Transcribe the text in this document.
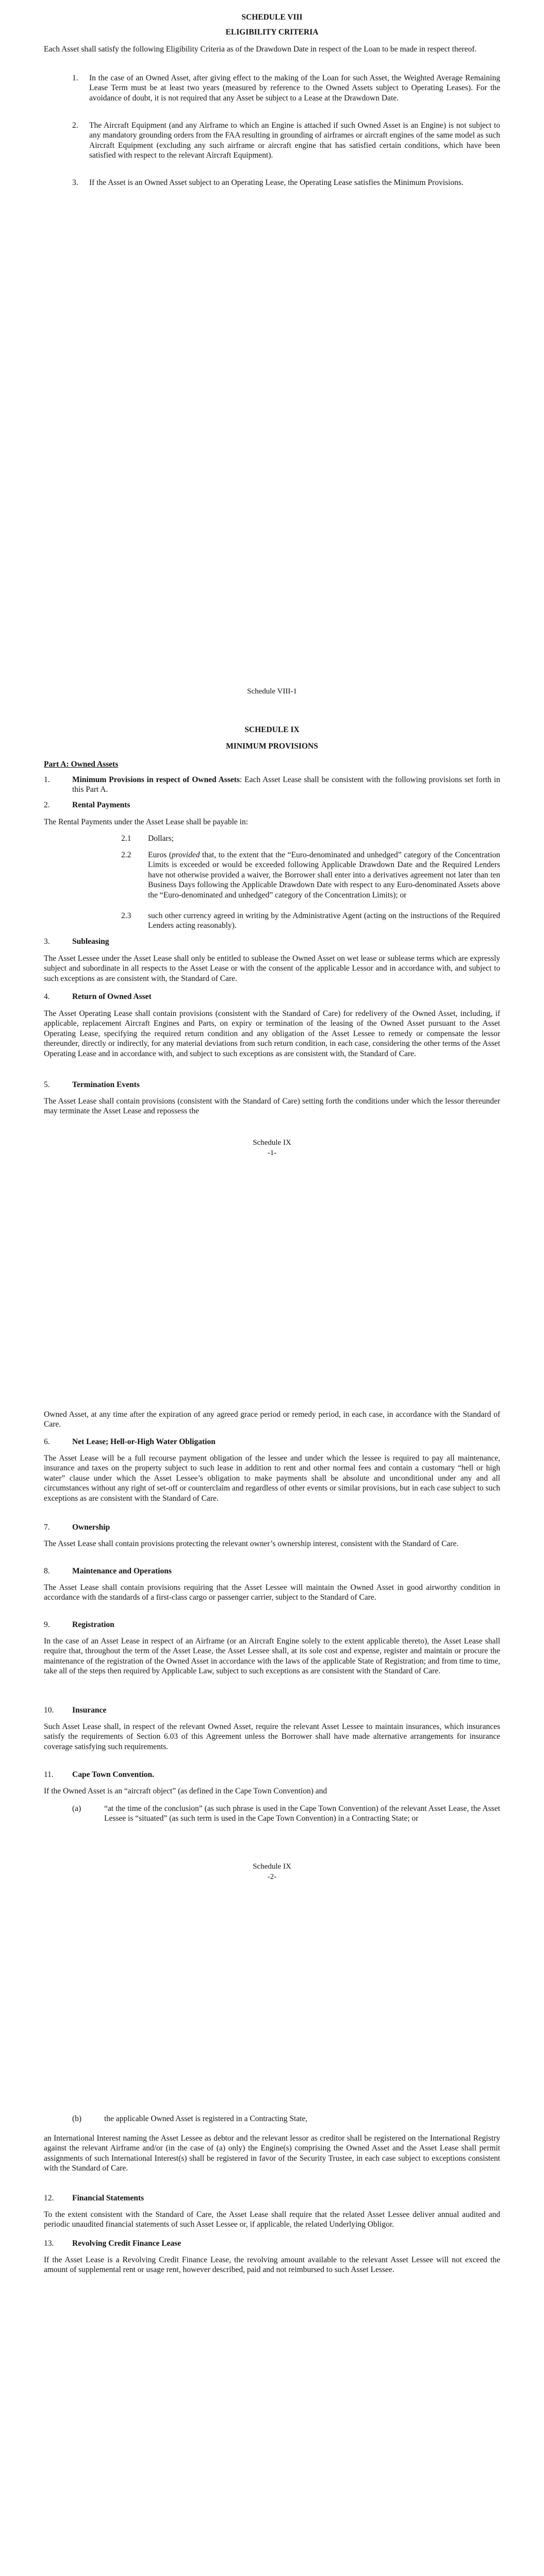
SCHEDULE VIII

ELIGIBILITY CRITERIA

Each Asset shall satisfy the following Eligibility Criteria as of the Drawdown Date in respect of the Loan to be made in respect thereof.

1. In the case of an Owned Asset, after giving effect to the making of the Loan for such Asset, the Weighted Average Remaining Lease Term must be at least two years (measured by reference to the Owned Assets subject to Operating Leases). For the avoidance of doubt, it is not required that any Asset be subject to a Lease at the Drawdown Date.

2. The Aircraft Equipment (and any Airframe to which an Engine is attached if such Owned Asset is an Engine) is not subject to any mandatory grounding orders from the FAA resulting in grounding of airframes or aircraft engines of the same model as such Aircraft Equipment (excluding any such airframe or aircraft engine that has satisfied certain conditions, which have been satisfied with respect to the relevant Aircraft Equipment).

3. If the Asset is an Owned Asset subject to an Operating Lease, the Operating Lease satisfies the Minimum Provisions.

Schedule VIII-1

SCHEDULE IX

MINIMUM PROVISIONS

Part A: Owned Assets

1.	Minimum Provisions in respect of Owned Assets: Each Asset Lease shall be consistent with the following provisions set forth in this Part A.

2.	Rental Payments

The Rental Payments under the Asset Lease shall be payable in:

2.1 Dollars;

2.2 Euros (provided that, to the extent that the “Euro-denominated and unhedged” category of the Concentration Limits is exceeded or would be exceeded following Applicable Drawdown Date and the Required Lenders have not otherwise provided a waiver, the Borrower shall enter into a derivatives agreement not later than ten Business Days following the Applicable Drawdown Date with respect to any Euro-denominated Assets above the “Euro-denominated and unhedged” category of the Concentration Limits); or

2.3 such other currency agreed in writing by the Administrative Agent (acting on the instructions of the Required Lenders acting reasonably).

3.	Subleasing

The Asset Lessee under the Asset Lease shall only be entitled to sublease the Owned Asset on wet lease or sublease terms which are expressly subject and subordinate in all respects to the Asset Lease or with the consent of the applicable Lessor and in accordance with, and subject to such exceptions as are consistent with, the Standard of Care.

4.	Return of Owned Asset

The Asset Operating Lease shall contain provisions (consistent with the Standard of Care) for redelivery of the Owned Asset, including, if applicable, replacement Aircraft Engines and Parts, on expiry or termination of the leasing of the Owned Asset pursuant to the Asset Operating Lease, specifying the required return condition and any obligation of the Asset Lessee to remedy or compensate the lessor thereunder, directly or indirectly, for any material deviations from such return condition, in each case, considering the other terms of the Asset Operating Lease and in accordance with, and subject to such exceptions as are consistent with, the Standard of Care.

5.	Termination Events

The Asset Lease shall contain provisions (consistent with the Standard of Care) setting forth the conditions under which the lessor thereunder may terminate the Asset Lease and repossess the

Schedule IX

-1-

Owned Asset, at any time after the expiration of any agreed grace period or remedy period, in each case, in accordance with the Standard of Care.

6.	Net Lease; Hell-or-High Water Obligation

The Asset Lease will be a full recourse payment obligation of the lessee and under which the lessee is required to pay all maintenance, insurance and taxes on the property subject to such lease in addition to rent and other normal fees and contain a customary “hell or high water” clause under which the Asset Lessee’s obligation to make payments shall be absolute and unconditional under any and all circumstances without any right of set-off or counterclaim and regardless of other events or similar provisions, but in each case subject to such exceptions as are consistent with the Standard of Care.

7.	Ownership

The Asset Lease shall contain provisions protecting the relevant owner’s ownership interest, consistent with the Standard of Care.

8.	Maintenance and Operations

The Asset Lease shall contain provisions requiring that the Asset Lessee will maintain the Owned Asset in good airworthy condition in accordance with the standards of a first-class cargo or passenger carrier, subject to the Standard of Care.

9.	Registration

In the case of an Asset Lease in respect of an Airframe (or an Aircraft Engine solely to the extent applicable thereto), the Asset Lease shall require that, throughout the term of the Asset Lease, the Asset Lessee shall, at its sole cost and expense, register and maintain or procure the maintenance of the registration of the Owned Asset in accordance with the laws of the applicable State of Registration; and from time to time, take all of the steps then required by Applicable Law, subject to such exceptions as are consistent with the Standard of Care.

10. Insurance

Such Asset Lease shall, in respect of the relevant Owned Asset, require the relevant Asset Lessee to maintain insurances, which insurances satisfy the requirements of Section 6.03 of this Agreement unless the Borrower shall have made alternative arrangements for insurance coverage satisfying such requirements.

11. Cape Town Convention.

If the Owned Asset is an “aircraft object” (as defined in the Cape Town Convention) and

(a)	“at the time of the conclusion” (as such phrase is used in the Cape Town Convention) of the relevant Asset Lease, the Asset Lessee is “situated” (as such term is used in the Cape Town Convention) in a Contracting State; or

Schedule IX

-2-

(b)	the applicable Owned Asset is registered in a Contracting State,

an International Interest naming the Asset Lessee as debtor and the relevant lessor as creditor shall be registered on the International Registry against the relevant Airframe and/or (in the case of (a) only) the Engine(s) comprising the Owned Asset and the Asset Lease shall permit assignments of such International Interest(s) shall be registered in favor of the Security Trustee, in each case subject to exceptions consistent with the Standard of Care.

12. Financial Statements

To the extent consistent with the Standard of Care, the Asset Lease shall require that the related Asset Lessee deliver annual audited and periodic unaudited financial statements of such Asset Lessee or, if applicable, the related Underlying Obligor.

13. Revolving Credit Finance Lease

If the Asset Lease is a Revolving Credit Finance Lease, the revolving amount available to the relevant Asset Lessee will not exceed the amount of supplemental rent or usage rent, however described, paid and not reimbursed to such Asset Lessee.
